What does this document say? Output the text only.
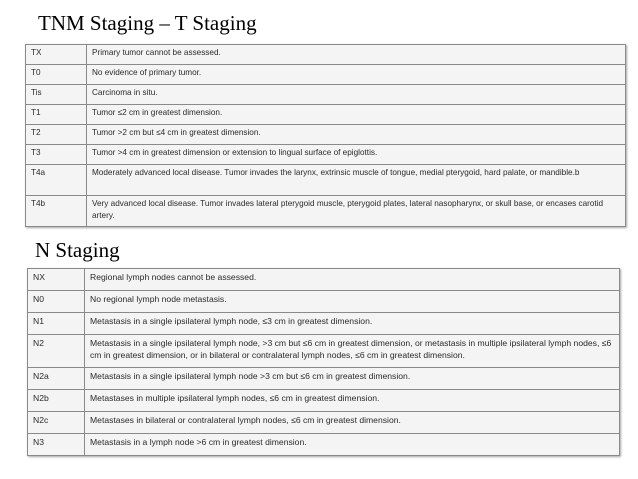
TNM Staging – T Staging
TX	Primary tumor cannot be assessed.
T0	No evidence of primary tumor.
Tis	Carcinoma in situ.
T1	Tumor ≤2 cm in greatest dimension.
T2	Tumor >2 cm but ≤4 cm in greatest dimension.
T3	Tumor >4 cm in greatest dimension or extension to lingual surface of epiglottis.
T4a	Moderately advanced local disease. Tumor invades the larynx, extrinsic muscle of tongue, medial pterygoid, hard palate, or mandible.b
T4b	Very advanced local disease. Tumor invades lateral pterygoid muscle, pterygoid plates, lateral nasopharynx, or skull base, or encases carotid artery.
N Staging
NX	Regional lymph nodes cannot be assessed.
N0	No regional lymph node metastasis.
N1	Metastasis in a single ipsilateral lymph node, ≤3 cm in greatest dimension.
N2	Metastasis in a single ipsilateral lymph node, >3 cm but ≤6 cm in greatest dimension, or metastasis in multiple ipsilateral lymph nodes, ≤6 cm in greatest dimension, or in bilateral or contralateral lymph nodes, ≤6 cm in greatest dimension.
N2a	Metastasis in a single ipsilateral lymph node >3 cm but ≤6 cm in greatest dimension.
N2b	Metastases in multiple ipsilateral lymph nodes, ≤6 cm in greatest dimension.
N2c	Metastases in bilateral or contralateral lymph nodes, ≤6 cm in greatest dimension.
N3	Metastasis in a lymph node >6 cm in greatest dimension.
